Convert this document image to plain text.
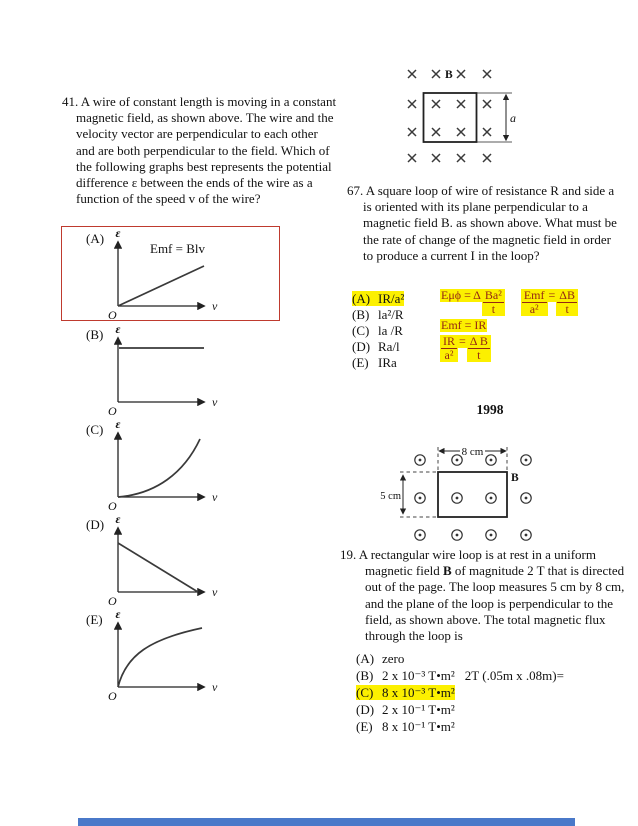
41. A wire of constant length is moving in a constant magnetic field, as shown above. The wire and the velocity vector are perpendicular to each other and are both perpendicular to the field. Which of the following graphs best represents the potential difference ε between the ends of the wire as a function of the speed v of the wire?
(A) ε
Emf = Blv
v
O
(B) ε
v
O
(C) ε
v
O
(D) ε
v
O
(E) ε
v
O
B
a
67. A square loop of wire of resistance R and side a is oriented with its plane perpendicular to a magnetic field B. as shown above. What must be the rate of change of the magnetic field in order to produce a current I in the loop?
(A) IR/a²
(B) la²/R
(C) la /R
(D) Ra/l
(E) IRa
Eμϕ = Δ $\frac{\text{Ba²}}{t} \frac{\text{Emf}}{\text{a²}} = \frac{\Delta B}{t}$
Emf = IR
$\frac{IR}{\text{a²}} = \frac{\text{Δ B}}{t}$
1998
8 cm
5 cm
B
19. A rectangular wire loop is at rest in a uniform magnetic field B of magnitude 2 T that is directed out of the page. The loop measures 5 cm by 8 cm, and the plane of the loop is perpendicular to the field, as shown above. The total magnetic flux through the loop is
(A) zero
(B) 2 x 10⁻³ T•m² 2T (.05m x .08m)=
(C) 8 x 10⁻³ T•m²
(D) 2 x 10⁻¹ T•m²
(E) 8 x 10⁻¹ T•m²
